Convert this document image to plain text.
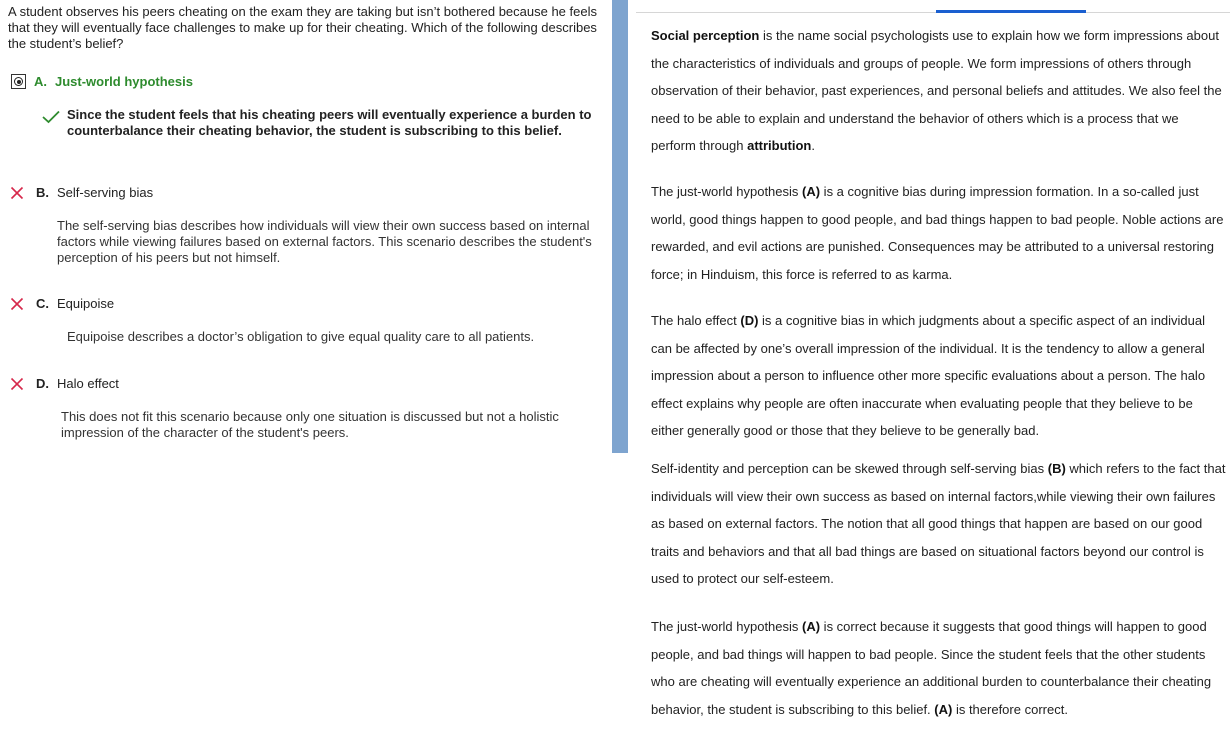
A student observes his peers cheating on the exam they are taking but isn’t bothered because he feels that they will eventually face challenges to make up for their cheating. Which of the following describes the student’s belief?

A. Just-world hypothesis

Since the student feels that his cheating peers will eventually experience a burden to counterbalance their cheating behavior, the student is subscribing to this belief.

B. Self-serving bias

The self-serving bias describes how individuals will view their own success based on internal factors while viewing failures based on external factors. This scenario describes the student's perception of his peers but not himself.

C. Equipoise

Equipoise describes a doctor’s obligation to give equal quality care to all patients.

D. Halo effect

This does not fit this scenario because only one situation is discussed but not a holistic impression of the character of the student's peers.

Social perception is the name social psychologists use to explain how we form impressions about the characteristics of individuals and groups of people. We form impressions of others through observation of their behavior, past experiences, and personal beliefs and attitudes. We also feel the need to be able to explain and understand the behavior of others which is a process that we perform through attribution.

The just-world hypothesis (A) is a cognitive bias during impression formation. In a so-called just world, good things happen to good people, and bad things happen to bad people. Noble actions are rewarded, and evil actions are punished. Consequences may be attributed to a universal restoring force; in Hinduism, this force is referred to as karma.

The halo effect (D) is a cognitive bias in which judgments about a specific aspect of an individual can be affected by one’s overall impression of the individual. It is the tendency to allow a general impression about a person to influence other more specific evaluations about a person. The halo effect explains why people are often inaccurate when evaluating people that they believe to be either generally good or those that they believe to be generally bad.

Self-identity and perception can be skewed through self-serving bias (B) which refers to the fact that individuals will view their own success as based on internal factors,while viewing their own failures as based on external factors. The notion that all good things that happen are based on our good traits and behaviors and that all bad things are based on situational factors beyond our control is used to protect our self-esteem.

The just-world hypothesis (A) is correct because it suggests that good things will happen to good people, and bad things will happen to bad people. Since the student feels that the other students who are cheating will eventually experience an additional burden to counterbalance their cheating behavior, the student is subscribing to this belief. (A) is therefore correct.
